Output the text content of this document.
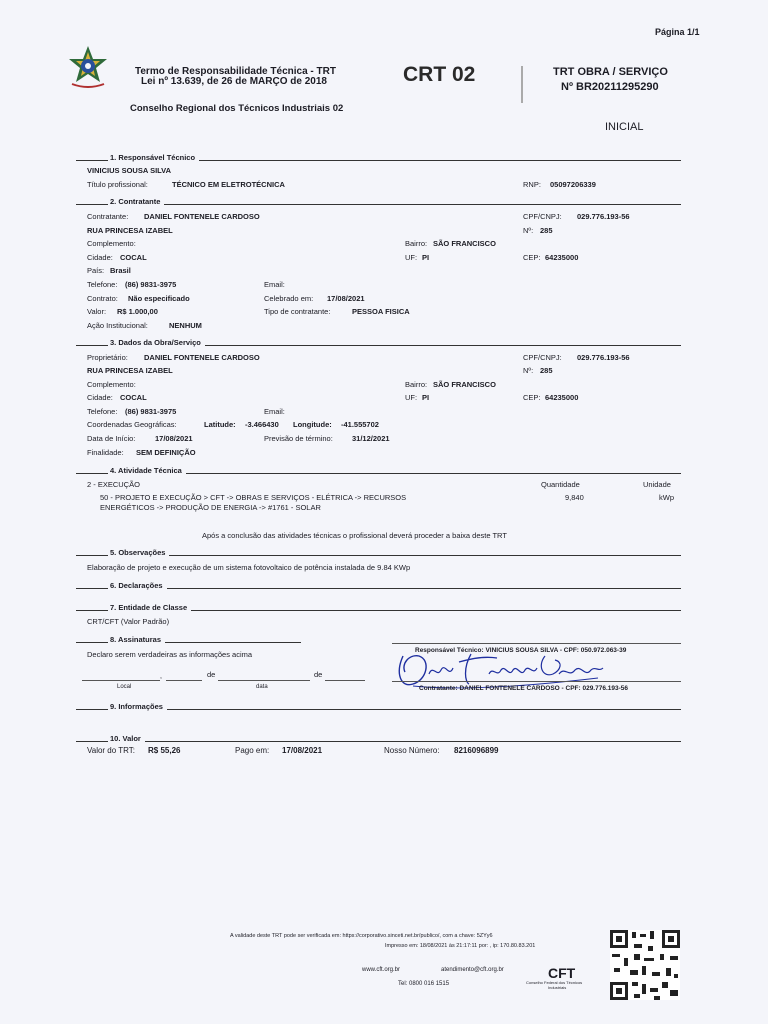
Página 1/1
Termo de Responsabilidade Técnica - TRT
Lei nº 13.639, de 26 de MARÇO de 2018	CRT 02	TRT OBRA / SERVIÇO
Nº BR20211295290
Conselho Regional dos Técnicos Industriais 02
INICIAL
1. Responsável Técnico
VINICIUS SOUSA SILVA
Título profissional:	TÉCNICO EM ELETROTÉCNICA	RNP: 05097206339
2. Contratante
Contratante: DANIEL FONTENELE CARDOSO	CPF/CNPJ: 029.776.193-56
RUA PRINCESA IZABEL	Nº: 285
Complemento:	Bairro: SÃO FRANCISCO
Cidade: COCAL	UF: PI	CEP: 64235000
País: Brasil
Telefone: (86) 9831-3975	Email:
Contrato: Não especificado	Celebrado em: 17/08/2021
Valor: R$ 1.000,00	Tipo de contratante:	PESSOA FISICA
Ação Institucional:	NENHUM
3. Dados da Obra/Serviço
Proprietário: DANIEL FONTENELE CARDOSO	CPF/CNPJ: 029.776.193-56
RUA PRINCESA IZABEL	Nº: 285
Complemento:	Bairro: SÃO FRANCISCO
Cidade: COCAL	UF: PI	CEP: 64235000
Telefone: (86) 9831-3975	Email:
Coordenadas Geográficas:	Latitude: -3.466430 Longitude: -41.555702
Data de Início:	17/08/2021	Previsão de término:	31/12/2021
Finalidade: SEM DEFINIÇÃO
4. Atividade Técnica
2 - EXECUÇÃO	Quantidade	Unidade
50 - PROJETO E EXECUÇÃO > CFT -> OBRAS E SERVIÇOS - ELÉTRICA -> RECURSOS
ENERGÉTICOS -> PRODUÇÃO DE ENERGIA -> #1761 - SOLAR
9,840	kWp
Após a conclusão das atividades técnicas o profissional deverá proceder a baixa deste TRT
5. Observações
Elaboração de projeto e execução de um sistema fotovoltaico de potência instalada de 9.84 KWp
6. Declarações
7. Entidade de Classe
CRT/CFT (Valor Padrão)
8. Assinaturas
Declaro serem verdadeiras as informações acima
,	de	de
Local	data
Responsável Técnico: VINICIUS SOUSA SILVA - CPF: 050.972.063-39
Contratante: DANIEL FONTENELE CARDOSO - CPF: 029.776.193-56
9. Informações
10. Valor
Valor do TRT: R$ 55,26	Pago em: 17/08/2021	Nosso Número: 8216096899
A validade deste TRT pode ser verificada em: https://corporativo.sinceti.net.br/publico/, com a chave: 5ZYy6
Impresso em: 18/08/2021 às 21:17:11 por: , ip: 170.80.83.201
www.cft.org.br	atendimento@cft.org.br
Tel: 0800 016 1515
CFT
Conselho Federal dos Técnicos
Industriais
